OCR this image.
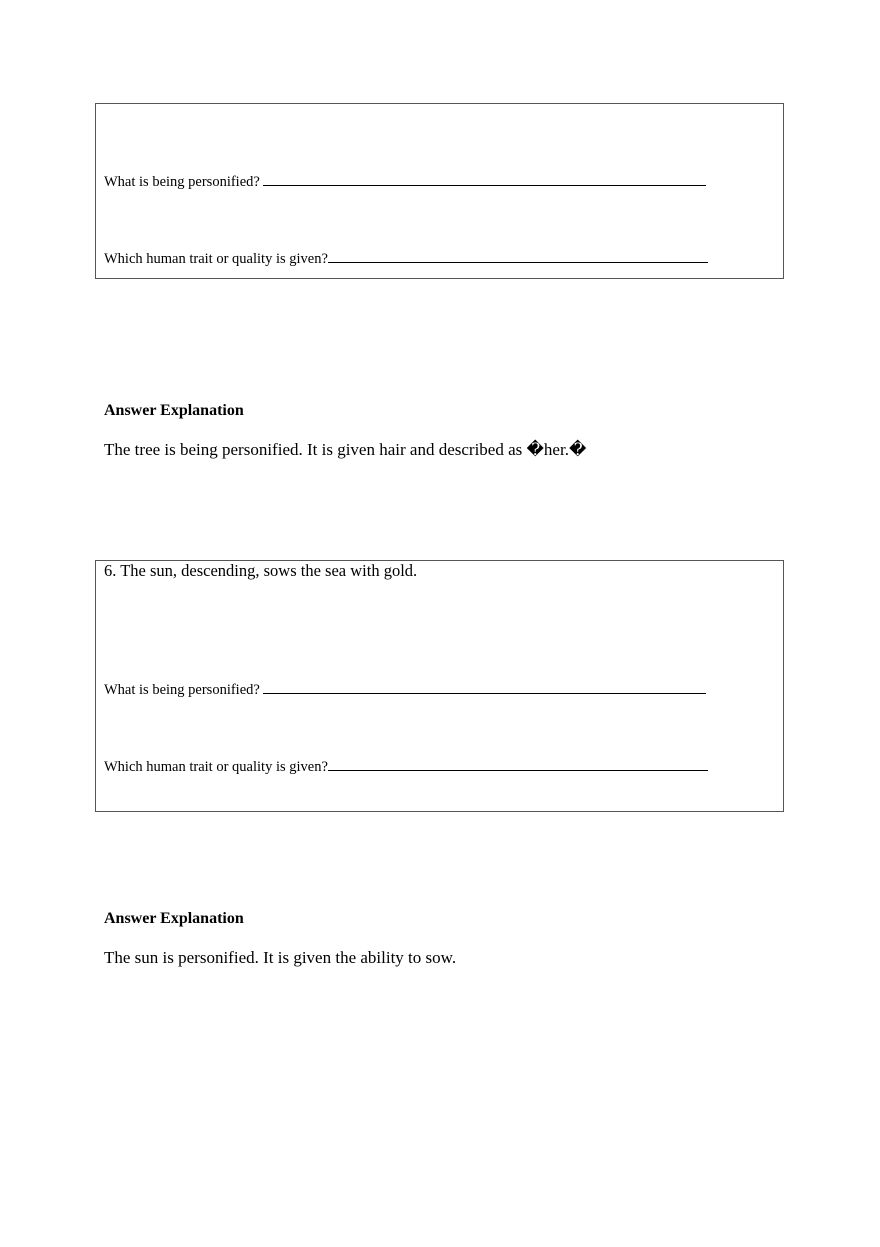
What is being personified?
Which human trait or quality is given?
Answer Explanation
The tree is being personified. It is given hair and described as �her.�
6. The sun, descending, sows the sea with gold.
What is being personified?
Which human trait or quality is given?
Answer Explanation
The sun is personified. It is given the ability to sow.
